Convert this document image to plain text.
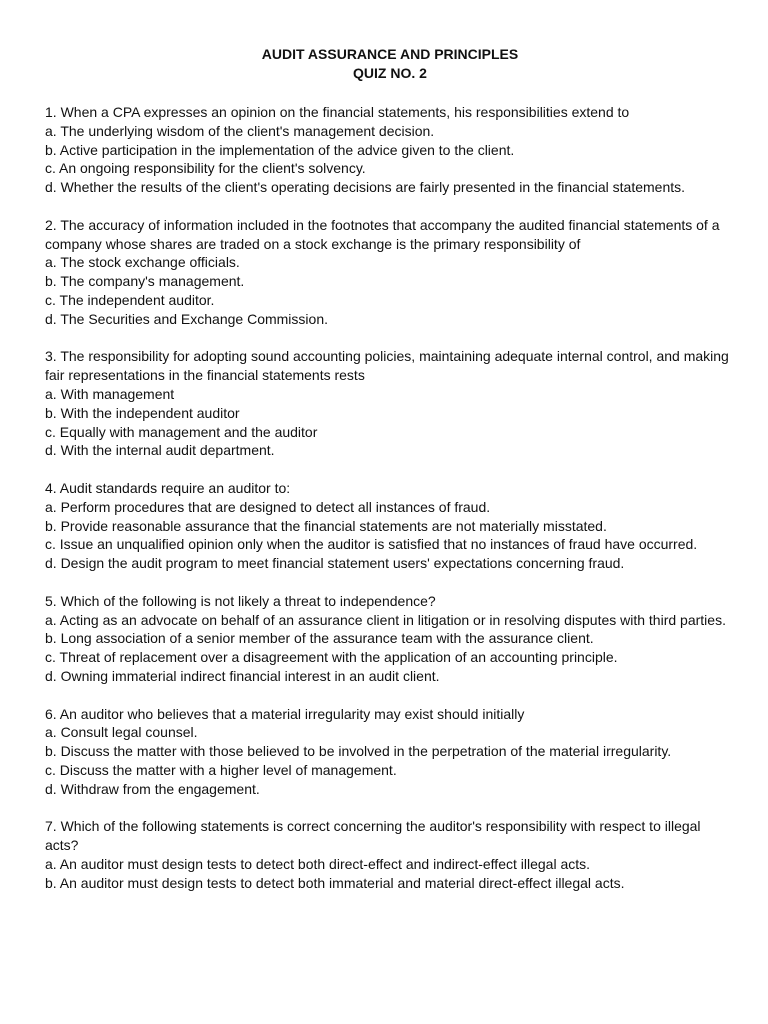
AUDIT ASSURANCE AND PRINCIPLES
QUIZ NO. 2

1. When a CPA expresses an opinion on the financial statements, his responsibilities extend to

a. The underlying wisdom of the client's management decision.

b. Active participation in the implementation of the advice given to the client.

c. An ongoing responsibility for the client's solvency.

d. Whether the results of the client's operating decisions are fairly presented in the financial statements.

2. The accuracy of information included in the footnotes that accompany the audited financial statements of a company whose shares are traded on a stock exchange is the primary responsibility of

a. The stock exchange officials.

b. The company's management.

c. The independent auditor.

d. The Securities and Exchange Commission.

3. The responsibility for adopting sound accounting policies, maintaining adequate internal control, and making fair representations in the financial statements rests

a. With management

b. With the independent auditor

c. Equally with management and the auditor

d. With the internal audit department.

4. Audit standards require an auditor to:

a. Perform procedures that are designed to detect all instances of fraud.

b. Provide reasonable assurance that the financial statements are not materially misstated.

c. Issue an unqualified opinion only when the auditor is satisfied that no instances of fraud have occurred.

d. Design the audit program to meet financial statement users' expectations concerning fraud.

5. Which of the following is not likely a threat to independence?

a. Acting as an advocate on behalf of an assurance client in litigation or in resolving disputes with third parties.

b. Long association of a senior member of the assurance team with the assurance client.

c. Threat of replacement over a disagreement with the application of an accounting principle.

d. Owning immaterial indirect financial interest in an audit client.

6. An auditor who believes that a material irregularity may exist should initially

a. Consult legal counsel.

b. Discuss the matter with those believed to be involved in the perpetration of the material irregularity.

c. Discuss the matter with a higher level of management.

d. Withdraw from the engagement.

7. Which of the following statements is correct concerning the auditor's responsibility with respect to illegal acts?

a. An auditor must design tests to detect both direct-effect and indirect-effect illegal acts.

b. An auditor must design tests to detect both immaterial and material direct-effect illegal acts.
